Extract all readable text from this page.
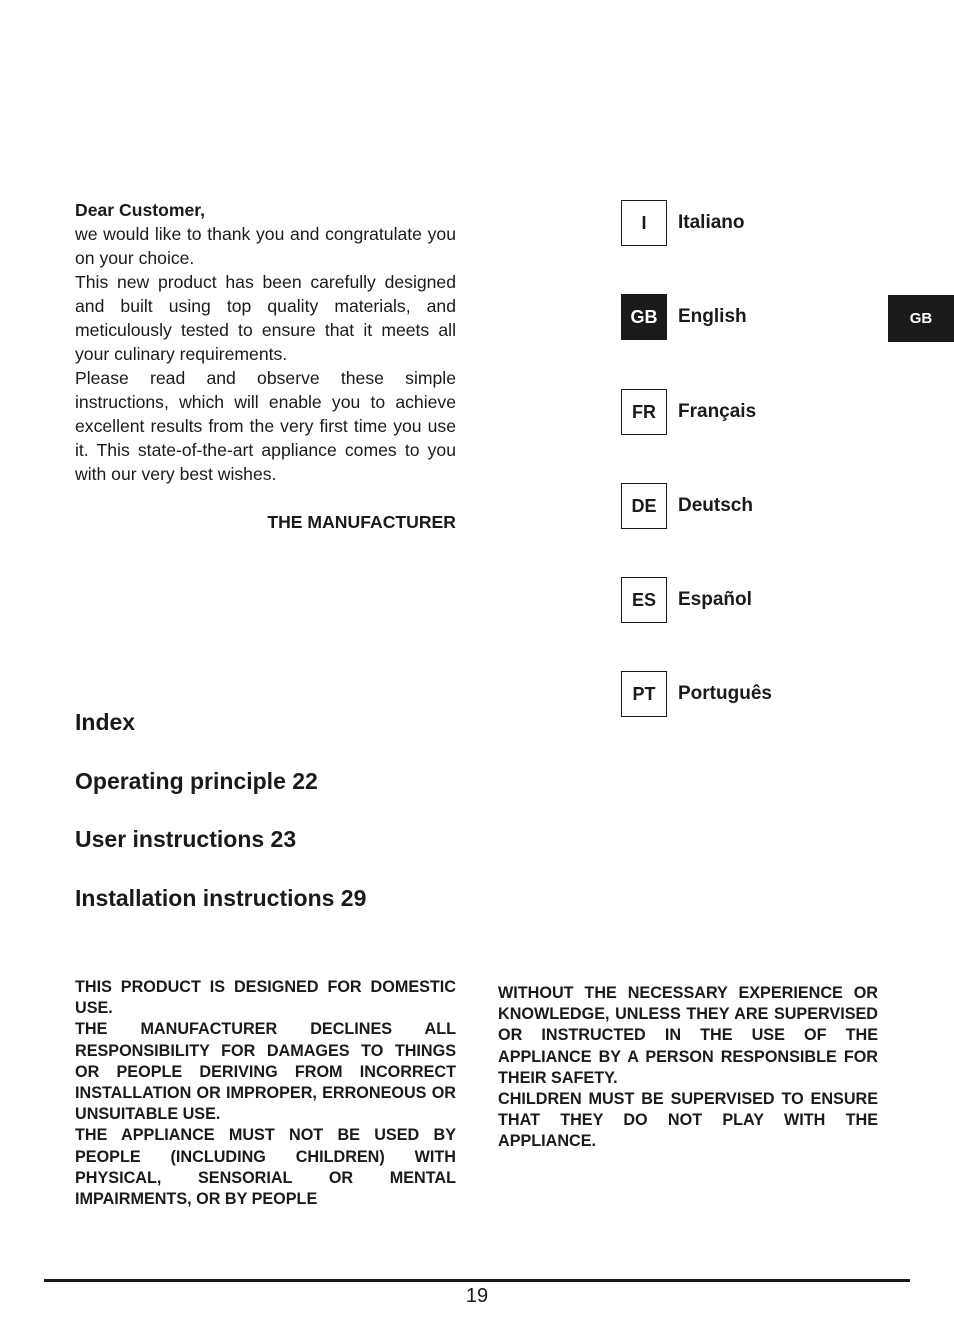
Dear Customer,

we would like to thank you and congratulate you on your choice.

This new product has been carefully designed and built using top quality materials, and meticulously tested to ensure that it meets all your culinary requirements.

Please read and observe these simple instructions, which will enable you to achieve excellent results from the very first time you use it. This state-of-the-art appliance comes to you with our very best wishes.

THE MANUFACTURER

I	Italiano
GB	English
FR	Français
DE	Deutsch
ES	Español
PT	Português
GB
Index
Operating principle 22
User instructions 23
Installation instructions 29

THIS PRODUCT IS DESIGNED FOR DOMESTIC USE.

THE MANUFACTURER DECLINES ALL RESPONSIBILITY FOR DAMAGES TO THINGS OR PEOPLE DERIVING FROM INCORRECT INSTALLATION OR IMPROPER, ERRONEOUS OR UNSUITABLE USE.

THE APPLIANCE MUST NOT BE USED BY PEOPLE (INCLUDING CHILDREN) WITH PHYSICAL, SENSORIAL OR MENTAL IMPAIRMENTS, OR BY PEOPLE

WITHOUT THE NECESSARY EXPERIENCE OR KNOWLEDGE, UNLESS THEY ARE SUPERVISED OR INSTRUCTED IN THE USE OF THE APPLIANCE BY A PERSON RESPONSIBLE FOR THEIR SAFETY.

CHILDREN MUST BE SUPERVISED TO ENSURE THAT THEY DO NOT PLAY WITH THE APPLIANCE.

19
